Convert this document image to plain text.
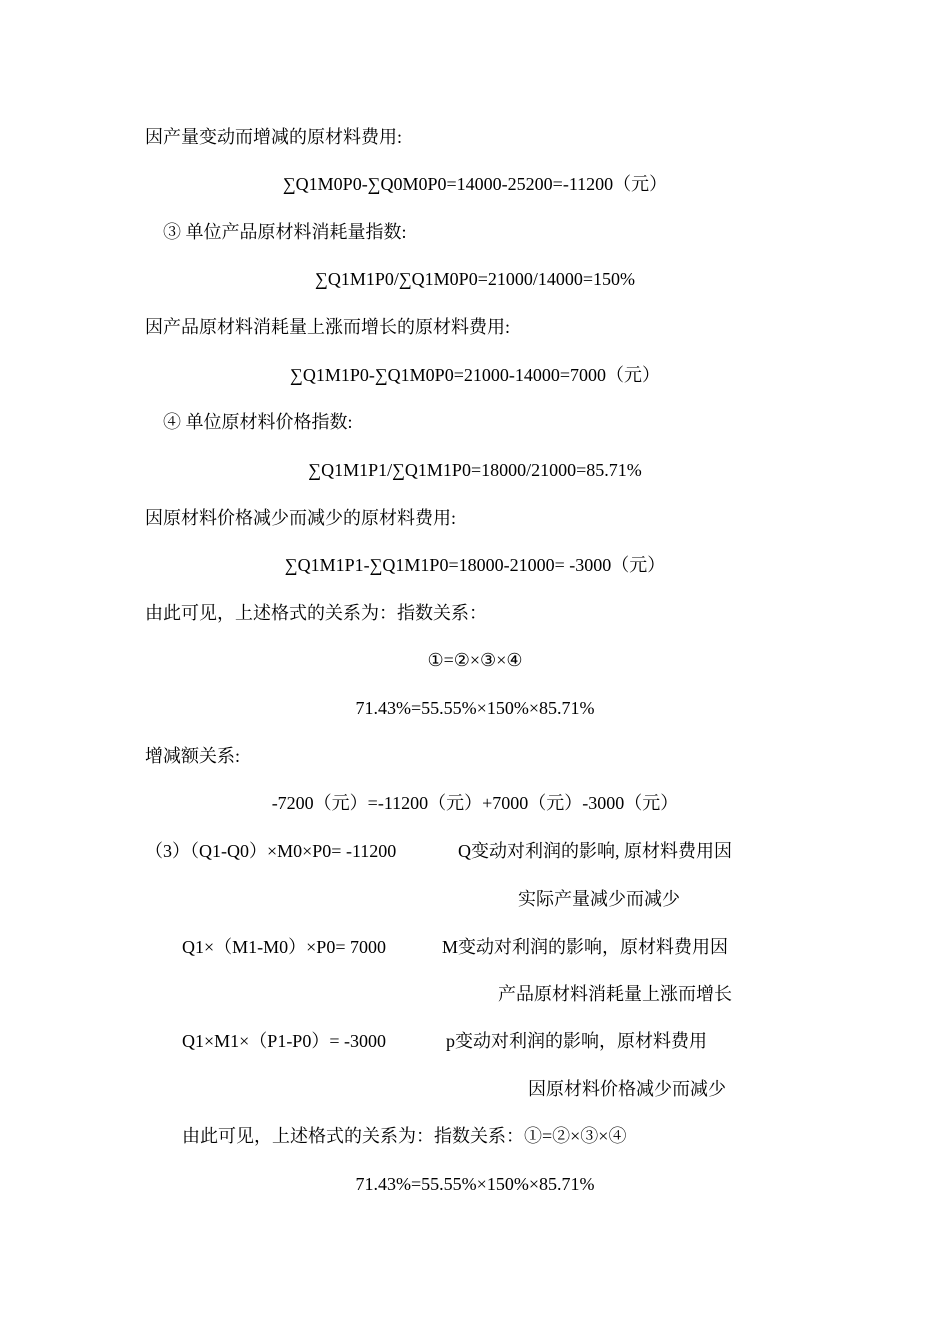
因产量变动而增减的原材料费用:
∑Q1M0P0-∑Q0M0P0=14000-25200=-11200（元）
③ 单位产品原材料消耗量指数:
∑Q1M1P0/∑Q1M0P0=21000/14000=150%
因产品原材料消耗量上涨而增长的原材料费用:
∑Q1M1P0-∑Q1M0P0=21000-14000=7000（元）
④ 单位原材料价格指数:
∑Q1M1P1/∑Q1M1P0=18000/21000=85.71%
因原材料价格减少而减少的原材料费用:
∑Q1M1P1-∑Q1M1P0=18000-21000= -3000（元）
由此可见，上述格式的关系为：指数关系：
①=②×③×④
71.43%=55.55%×150%×85.71%
增减额关系:
-7200（元）=-11200（元）+7000（元）-3000（元）
（3）（Q1-Q0）×M0×P0= -11200	Q变动对利润的影响, 原材料费用因
实际产量减少而减少
Q1×（M1-M0）×P0= 7000	M变动对利润的影响，原材料费用因
产品原材料消耗量上涨而增长
Q1×M1×（P1-P0）= -3000	p变动对利润的影响，原材料费用
因原材料价格减少而减少
由此可见，上述格式的关系为：指数关系：①=②×③×④
71.43%=55.55%×150%×85.71%
